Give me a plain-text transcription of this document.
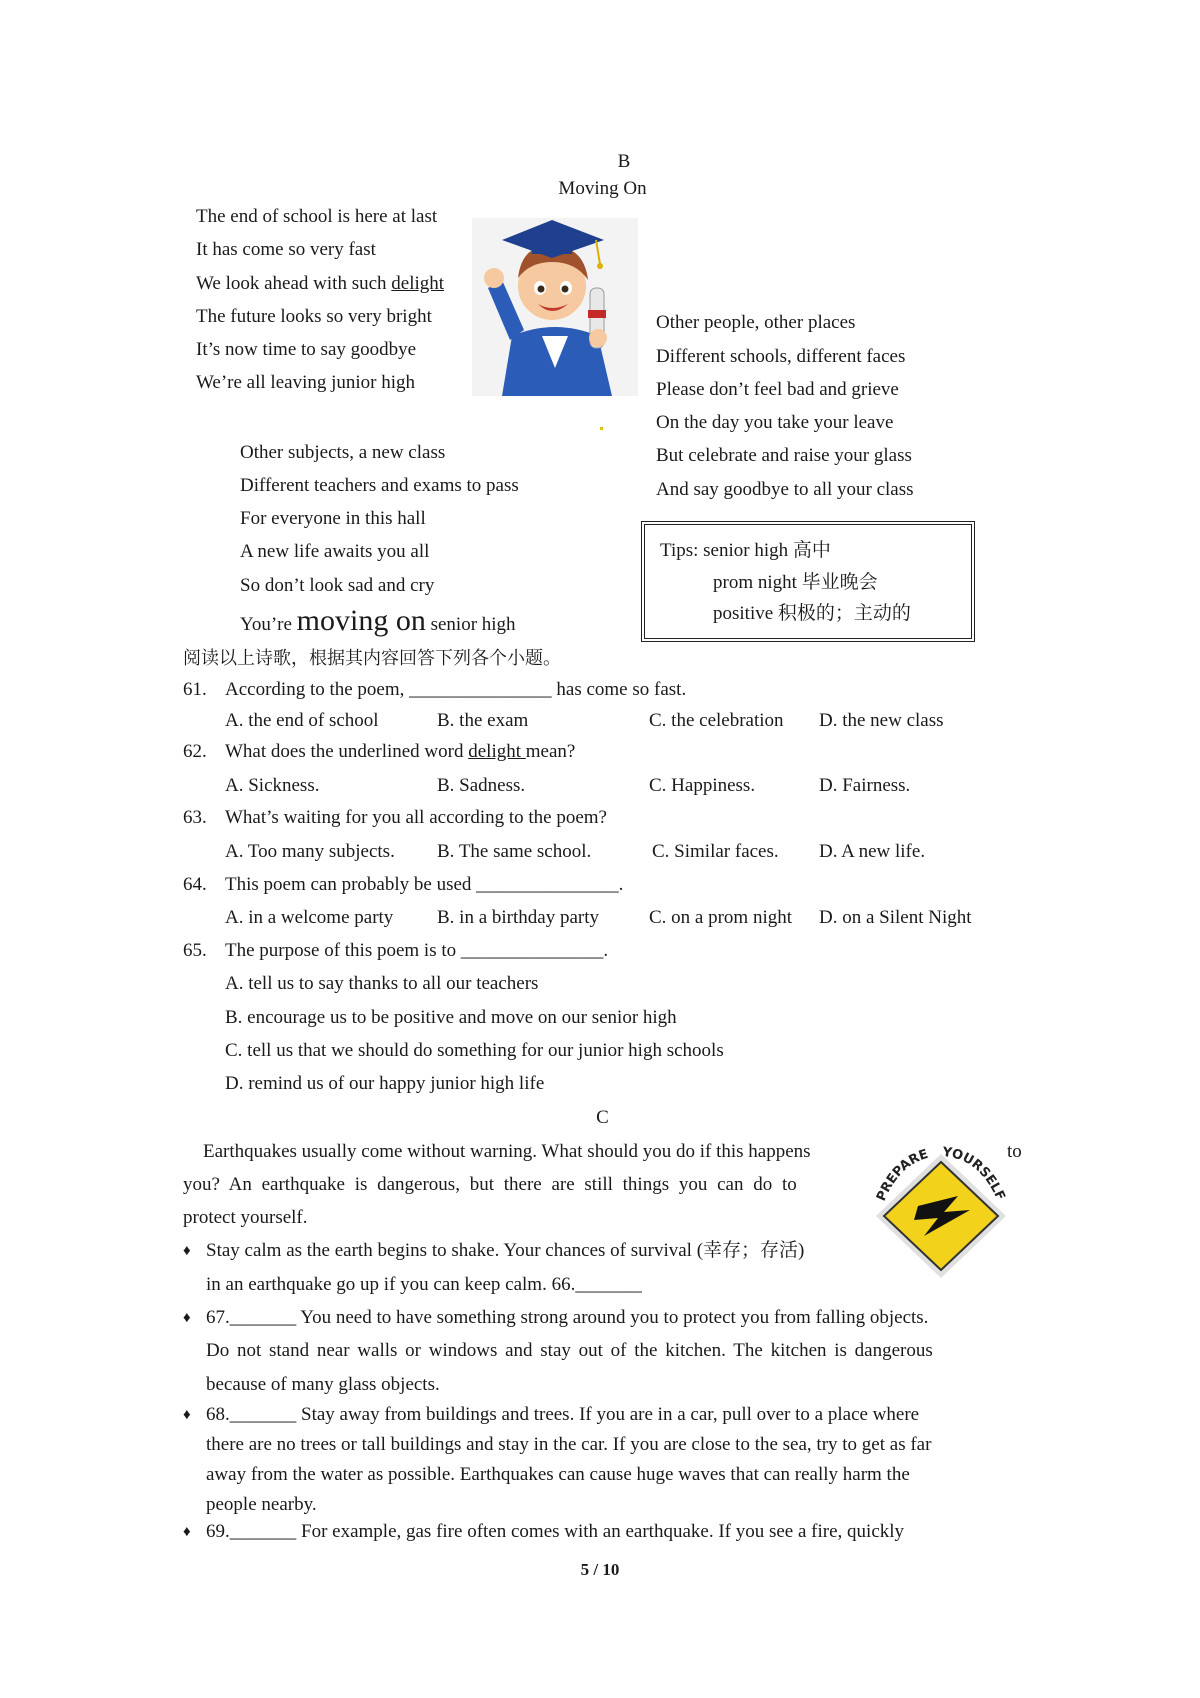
B
Moving On
The end of school is here at last
It has come so very fast
We look ahead with such delight
The future looks so very bright
It’s now time to say goodbye
We’re all leaving junior high
Other subjects, a new class
Different teachers and exams to pass
For everyone in this hall
A new life awaits you all
So don’t look sad and cry
You’re moving on senior high
Other people, other places
Different schools, different faces
Please don’t feel bad and grieve
On the day you take your leave
But celebrate and raise your glass
And say goodbye to all your class
Tips: senior high 高中
prom night 毕业晚会
positive 积极的；主动的
阅读以上诗歌，根据其内容回答下列各个小题。
61. According to the poem, _______________ has come so fast.
A. the end of school	B. the exam	C. the celebration D. the new class
62. What does the underlined word delight mean?
A. Sickness.	B. Sadness.	C. Happiness.	D. Fairness.
63. What’s waiting for you all according to the poem?
A. Too many subjects. B. The same school.	C. Similar faces. D. A new life.
64. This poem can probably be used _______________.
A. in a welcome party B. in a birthday party	C. on a prom night D. on a Silent Night
65. The purpose of this poem is to _______________.
A. tell us to say thanks to all our teachers
B. encourage us to be positive and move on our senior high
C. tell us that we should do something for our junior high schools
D. remind us of our happy junior high life
C
Earthquakes usually come without warning. What should you do if this happens	to
you? An earthquake is dangerous, but there are still things you can do to
protect yourself.
PREPARE YOURSELF
♦ Stay calm as the earth begins to shake. Your chances of survival (幸存；存活)
in an earthquake go up if you can keep calm. 66._______
♦ 67._______ You need to have something strong around you to protect you from falling objects.
Do not stand near walls or windows and stay out of the kitchen. The kitchen is dangerous
because of many glass objects.
♦ 68._______ Stay away from buildings and trees. If you are in a car, pull over to a place where
there are no trees or tall buildings and stay in the car. If you are close to the sea, try to get as far
away from the water as possible. Earthquakes can cause huge waves that can really harm the
people nearby.
♦ 69._______ For example, gas fire often comes with an earthquake. If you see a fire, quickly
5 / 10
